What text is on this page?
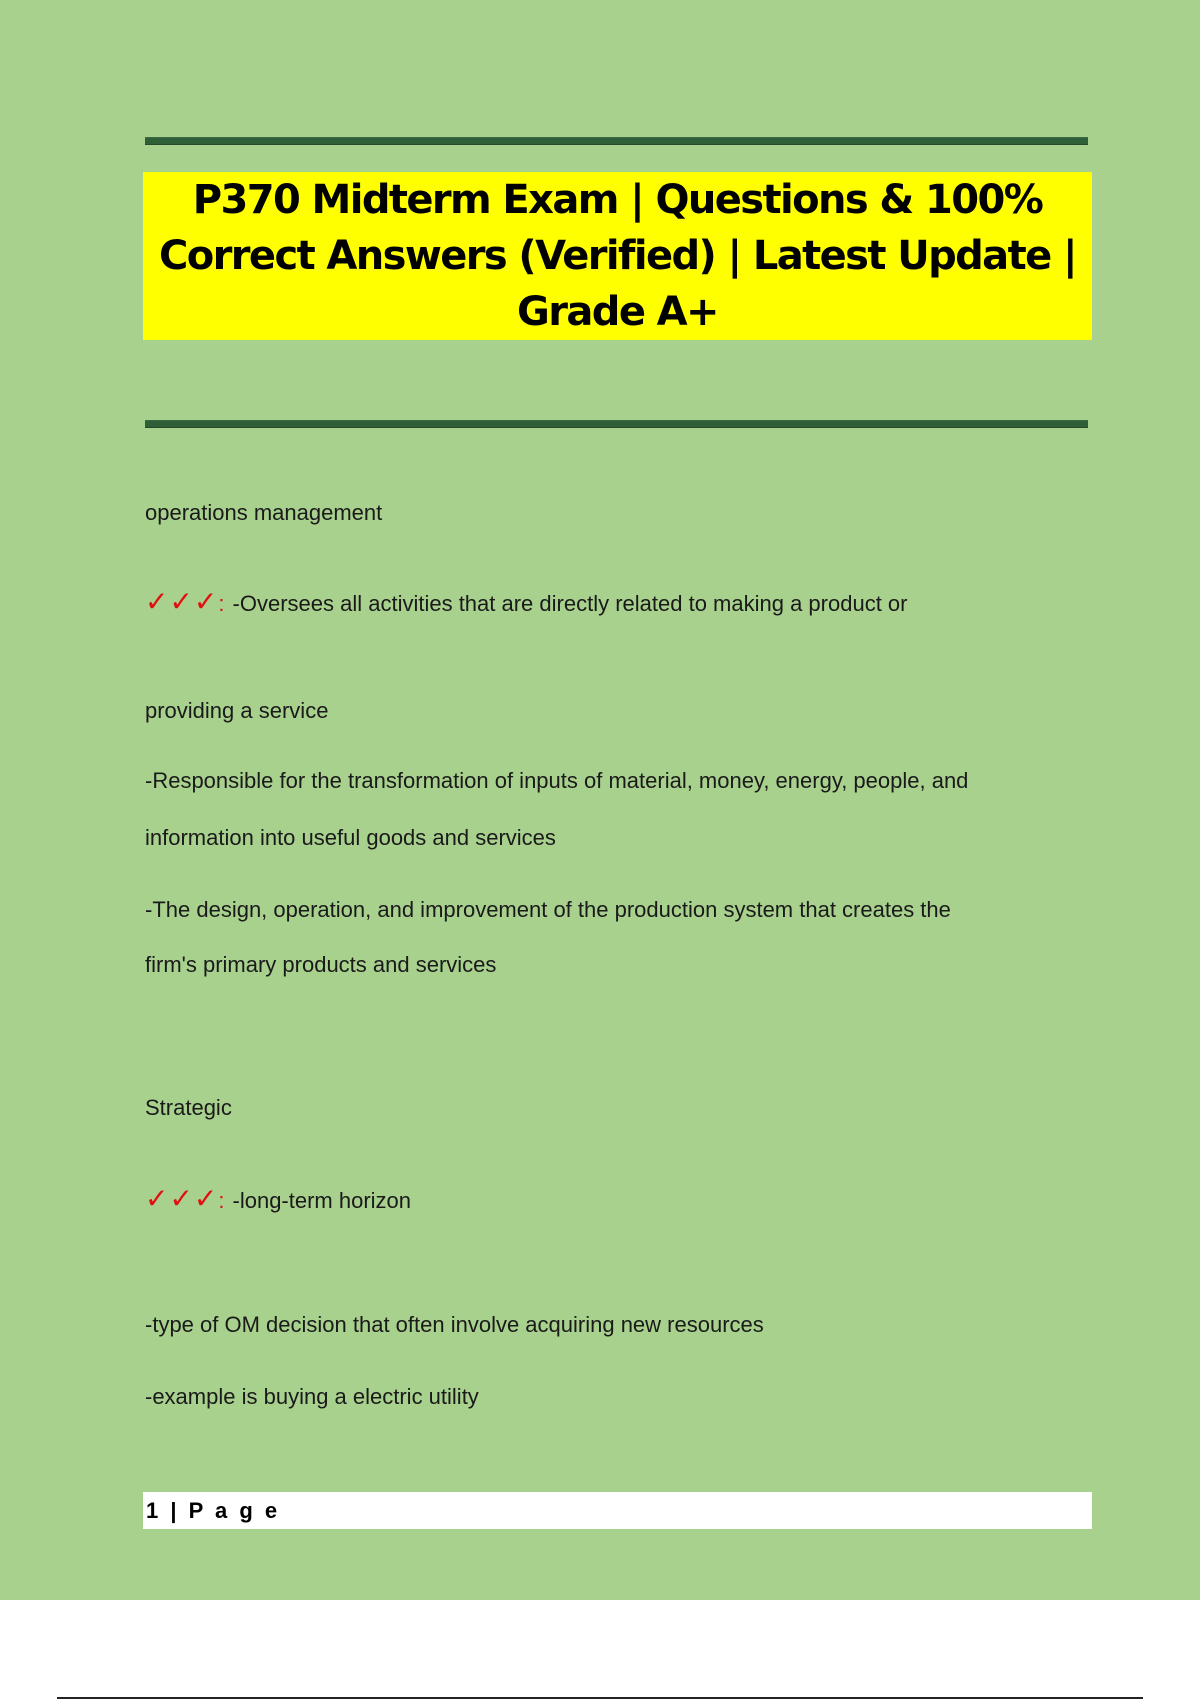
P370 Midterm Exam | Questions & 100% Correct Answers (Verified) | Latest Update | Grade A+

operations management

✓✓✓: -Oversees all activities that are directly related to making a product or

providing a service

-Responsible for the transformation of inputs of material, money, energy, people, and

information into useful goods and services

-The design, operation, and improvement of the production system that creates the

firm's primary products and services

Strategic

✓✓✓: -long-term horizon

-type of OM decision that often involve acquiring new resources

-example is buying a electric utility

1 | P a g e
